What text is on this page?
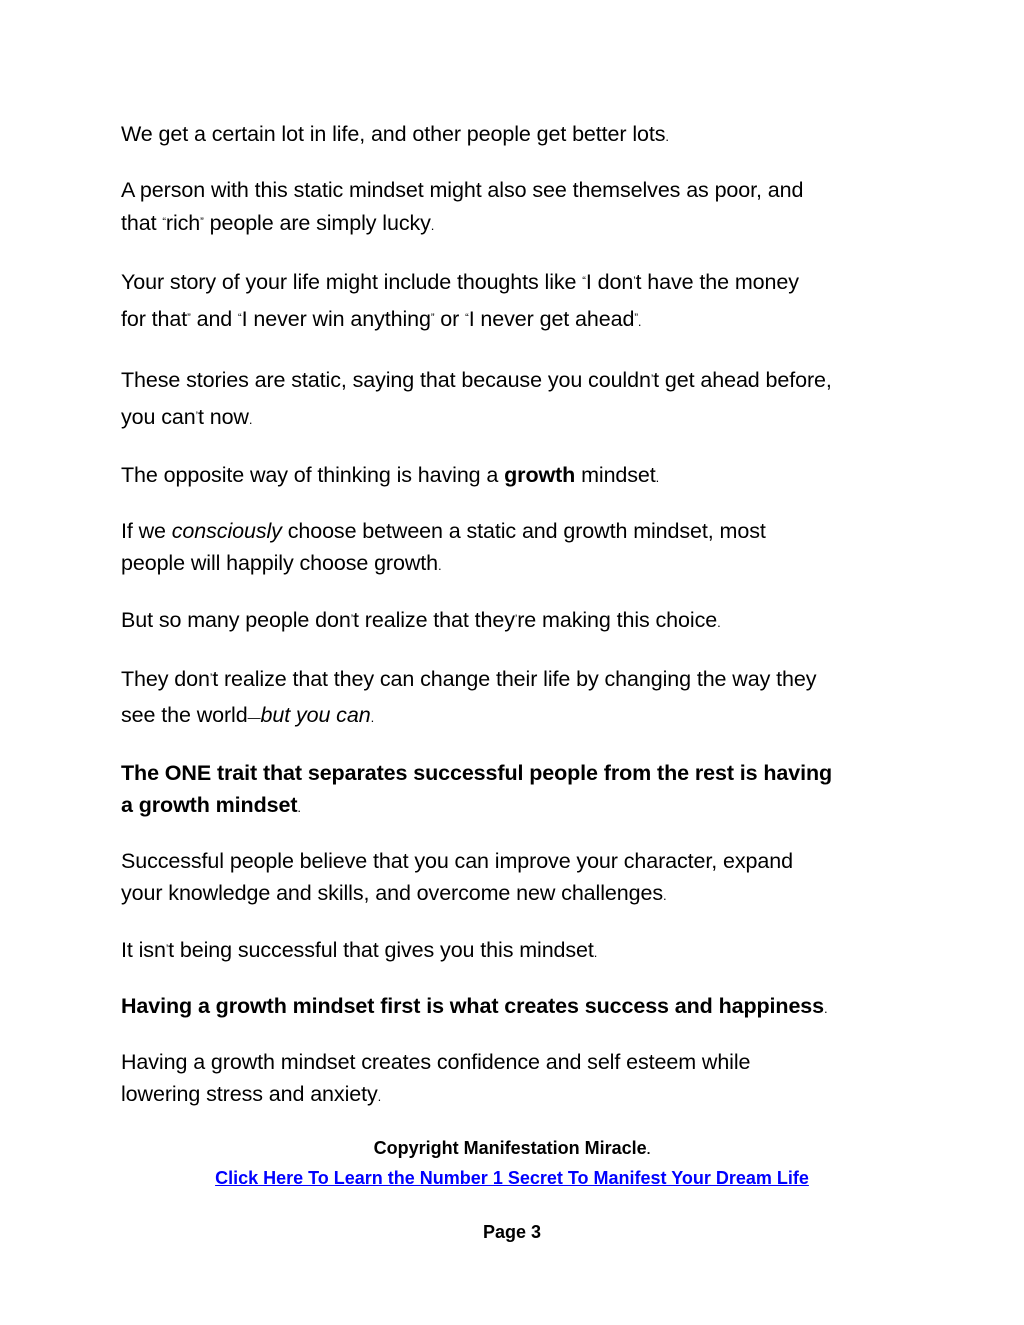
We get a certain lot in life, and other people get better lots.

A person with this static mindset might also see themselves as poor, and
that “rich” people are simply lucky.

Your story of your life might include thoughts like “I don’t have the money
for that” and “I never win anything” or “I never get ahead”.

These stories are static, saying that because you couldn’t get ahead before,
you can’t now.

The opposite way of thinking is having a growth mindset.

If we consciously choose between a static and growth mindset, most
people will happily choose growth.

But so many people don’t realize that they’re making this choice.

They don’t realize that they can change their life by changing the way they
see the world—but you can.

The ONE trait that separates successful people from the rest is having
a growth mindset.

Successful people believe that you can improve your character, expand
your knowledge and skills, and overcome new challenges.

It isn’t being successful that gives you this mindset.

Having a growth mindset first is what creates success and happiness.

Having a growth mindset creates confidence and self esteem while
lowering stress and anxiety.

Copyright Manifestation Miracle.
Click Here To Learn the Number 1 Secret To Manifest Your Dream Life
Page 3
